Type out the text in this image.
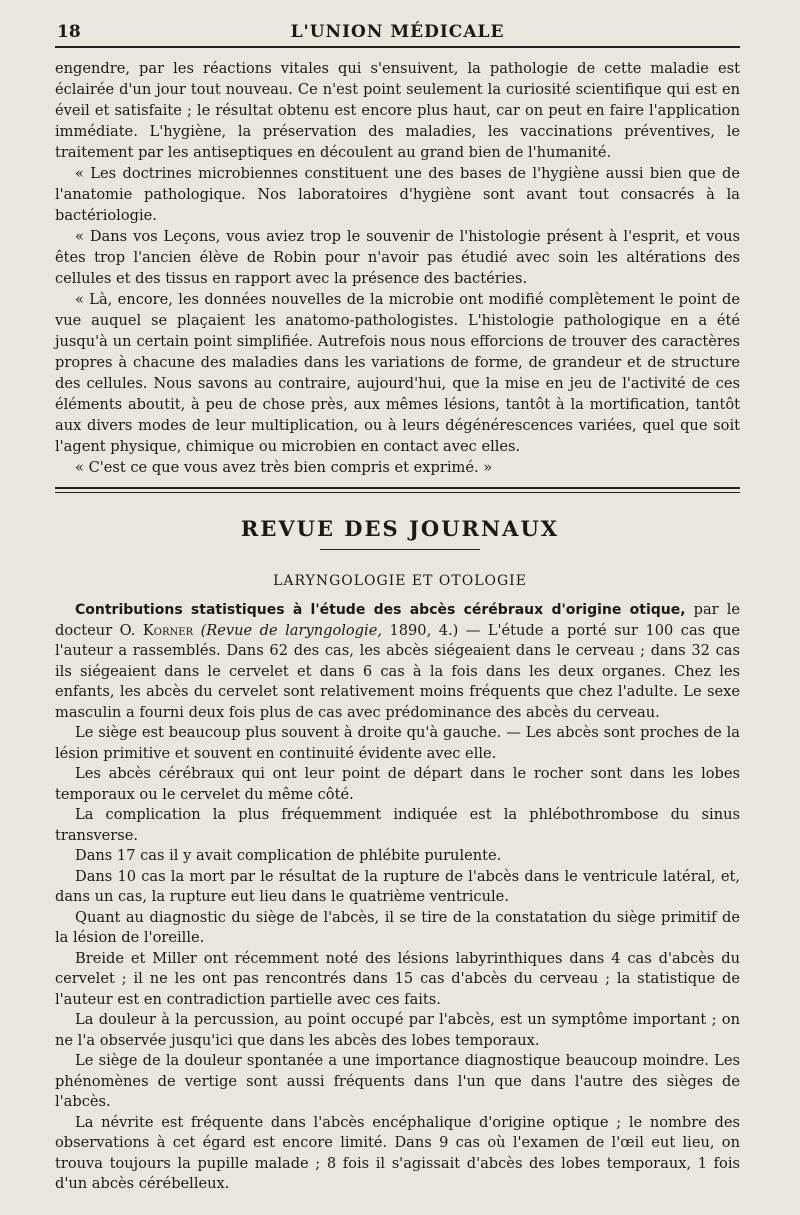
18	L'UNION MÉDICALE

engendre, par les réactions vitales qui s'ensuivent, la pathologie de cette maladie est éclairée d'un jour tout nouveau. Ce n'est point seulement la curiosité scientifique qui est en éveil et satisfaite ; le résultat obtenu est encore plus haut, car on peut en faire l'application immédiate. L'hygiène, la préservation des maladies, les vaccinations préventives, le traitement par les antiseptiques en découlent au grand bien de l'humanité.

« Les doctrines microbiennes constituent une des bases de l'hygiène aussi bien que de l'anatomie pathologique. Nos laboratoires d'hygiène sont avant tout consacrés à la bactériologie.

« Dans vos Leçons, vous aviez trop le souvenir de l'histologie présent à l'esprit, et vous êtes trop l'ancien élève de Robin pour n'avoir pas étudié avec soin les altérations des cellules et des tissus en rapport avec la présence des bactéries.

« Là, encore, les données nouvelles de la microbie ont modifié complètement le point de vue auquel se plaçaient les anatomo-pathologistes. L'histologie pathologique en a été jusqu'à un certain point simplifiée. Autrefois nous nous efforcions de trouver des caractères propres à chacune des maladies dans les variations de forme, de grandeur et de structure des cellules. Nous savons au contraire, aujourd'hui, que la mise en jeu de l'activité de ces éléments aboutit, à peu de chose près, aux mêmes lésions, tantôt à la mortification, tantôt aux divers modes de leur multiplication, ou à leurs dégénérescences variées, quel que soit l'agent physique, chimique ou microbien en contact avec elles.

« C'est ce que vous avez très bien compris et exprimé. »

REVUE DES JOURNAUX
LARYNGOLOGIE ET OTOLOGIE

Contributions statistiques à l'étude des abcès cérébraux d'origine otique, par le docteur O. Korner (Revue de laryngologie, 1890, 4.) — L'étude a porté sur 100 cas que l'auteur a rassemblés. Dans 62 des cas, les abcès siégeaient dans le cerveau ; dans 32 cas ils siégeaient dans le cervelet et dans 6 cas à la fois dans les deux organes. Chez les enfants, les abcès du cervelet sont relativement moins fréquents que chez l'adulte. Le sexe masculin a fourni deux fois plus de cas avec prédominance des abcès du cerveau.

Le siège est beaucoup plus souvent à droite qu'à gauche. — Les abcès sont proches de la lésion primitive et souvent en continuité évidente avec elle.

Les abcès cérébraux qui ont leur point de départ dans le rocher sont dans les lobes temporaux ou le cervelet du même côté.

La complication la plus fréquemment indiquée est la phlébothrombose du sinus transverse.

Dans 17 cas il y avait complication de phlébite purulente.

Dans 10 cas la mort par le résultat de la rupture de l'abcès dans le ventricule latéral, et, dans un cas, la rupture eut lieu dans le quatrième ventricule.

Quant au diagnostic du siège de l'abcès, il se tire de la constatation du siège primitif de la lésion de l'oreille.

Breide et Miller ont récemment noté des lésions labyrinthiques dans 4 cas d'abcès du cervelet ; il ne les ont pas rencontrés dans 15 cas d'abcès du cerveau ; la statistique de l'auteur est en contradiction partielle avec ces faits.

La douleur à la percussion, au point occupé par l'abcès, est un symptôme important ; on ne l'a observée jusqu'ici que dans les abcès des lobes temporaux.

Le siège de la douleur spontanée a une importance diagnostique beaucoup moindre. Les phénomènes de vertige sont aussi fréquents dans l'un que dans l'autre des sièges de l'abcès.

La névrite est fréquente dans l'abcès encéphalique d'origine optique ; le nombre des observations à cet égard est encore limité. Dans 9 cas où l'examen de l'œil eut lieu, on trouva toujours la pupille malade ; 8 fois il s'agissait d'abcès des lobes temporaux, 1 fois d'un abcès cérébelleux.
